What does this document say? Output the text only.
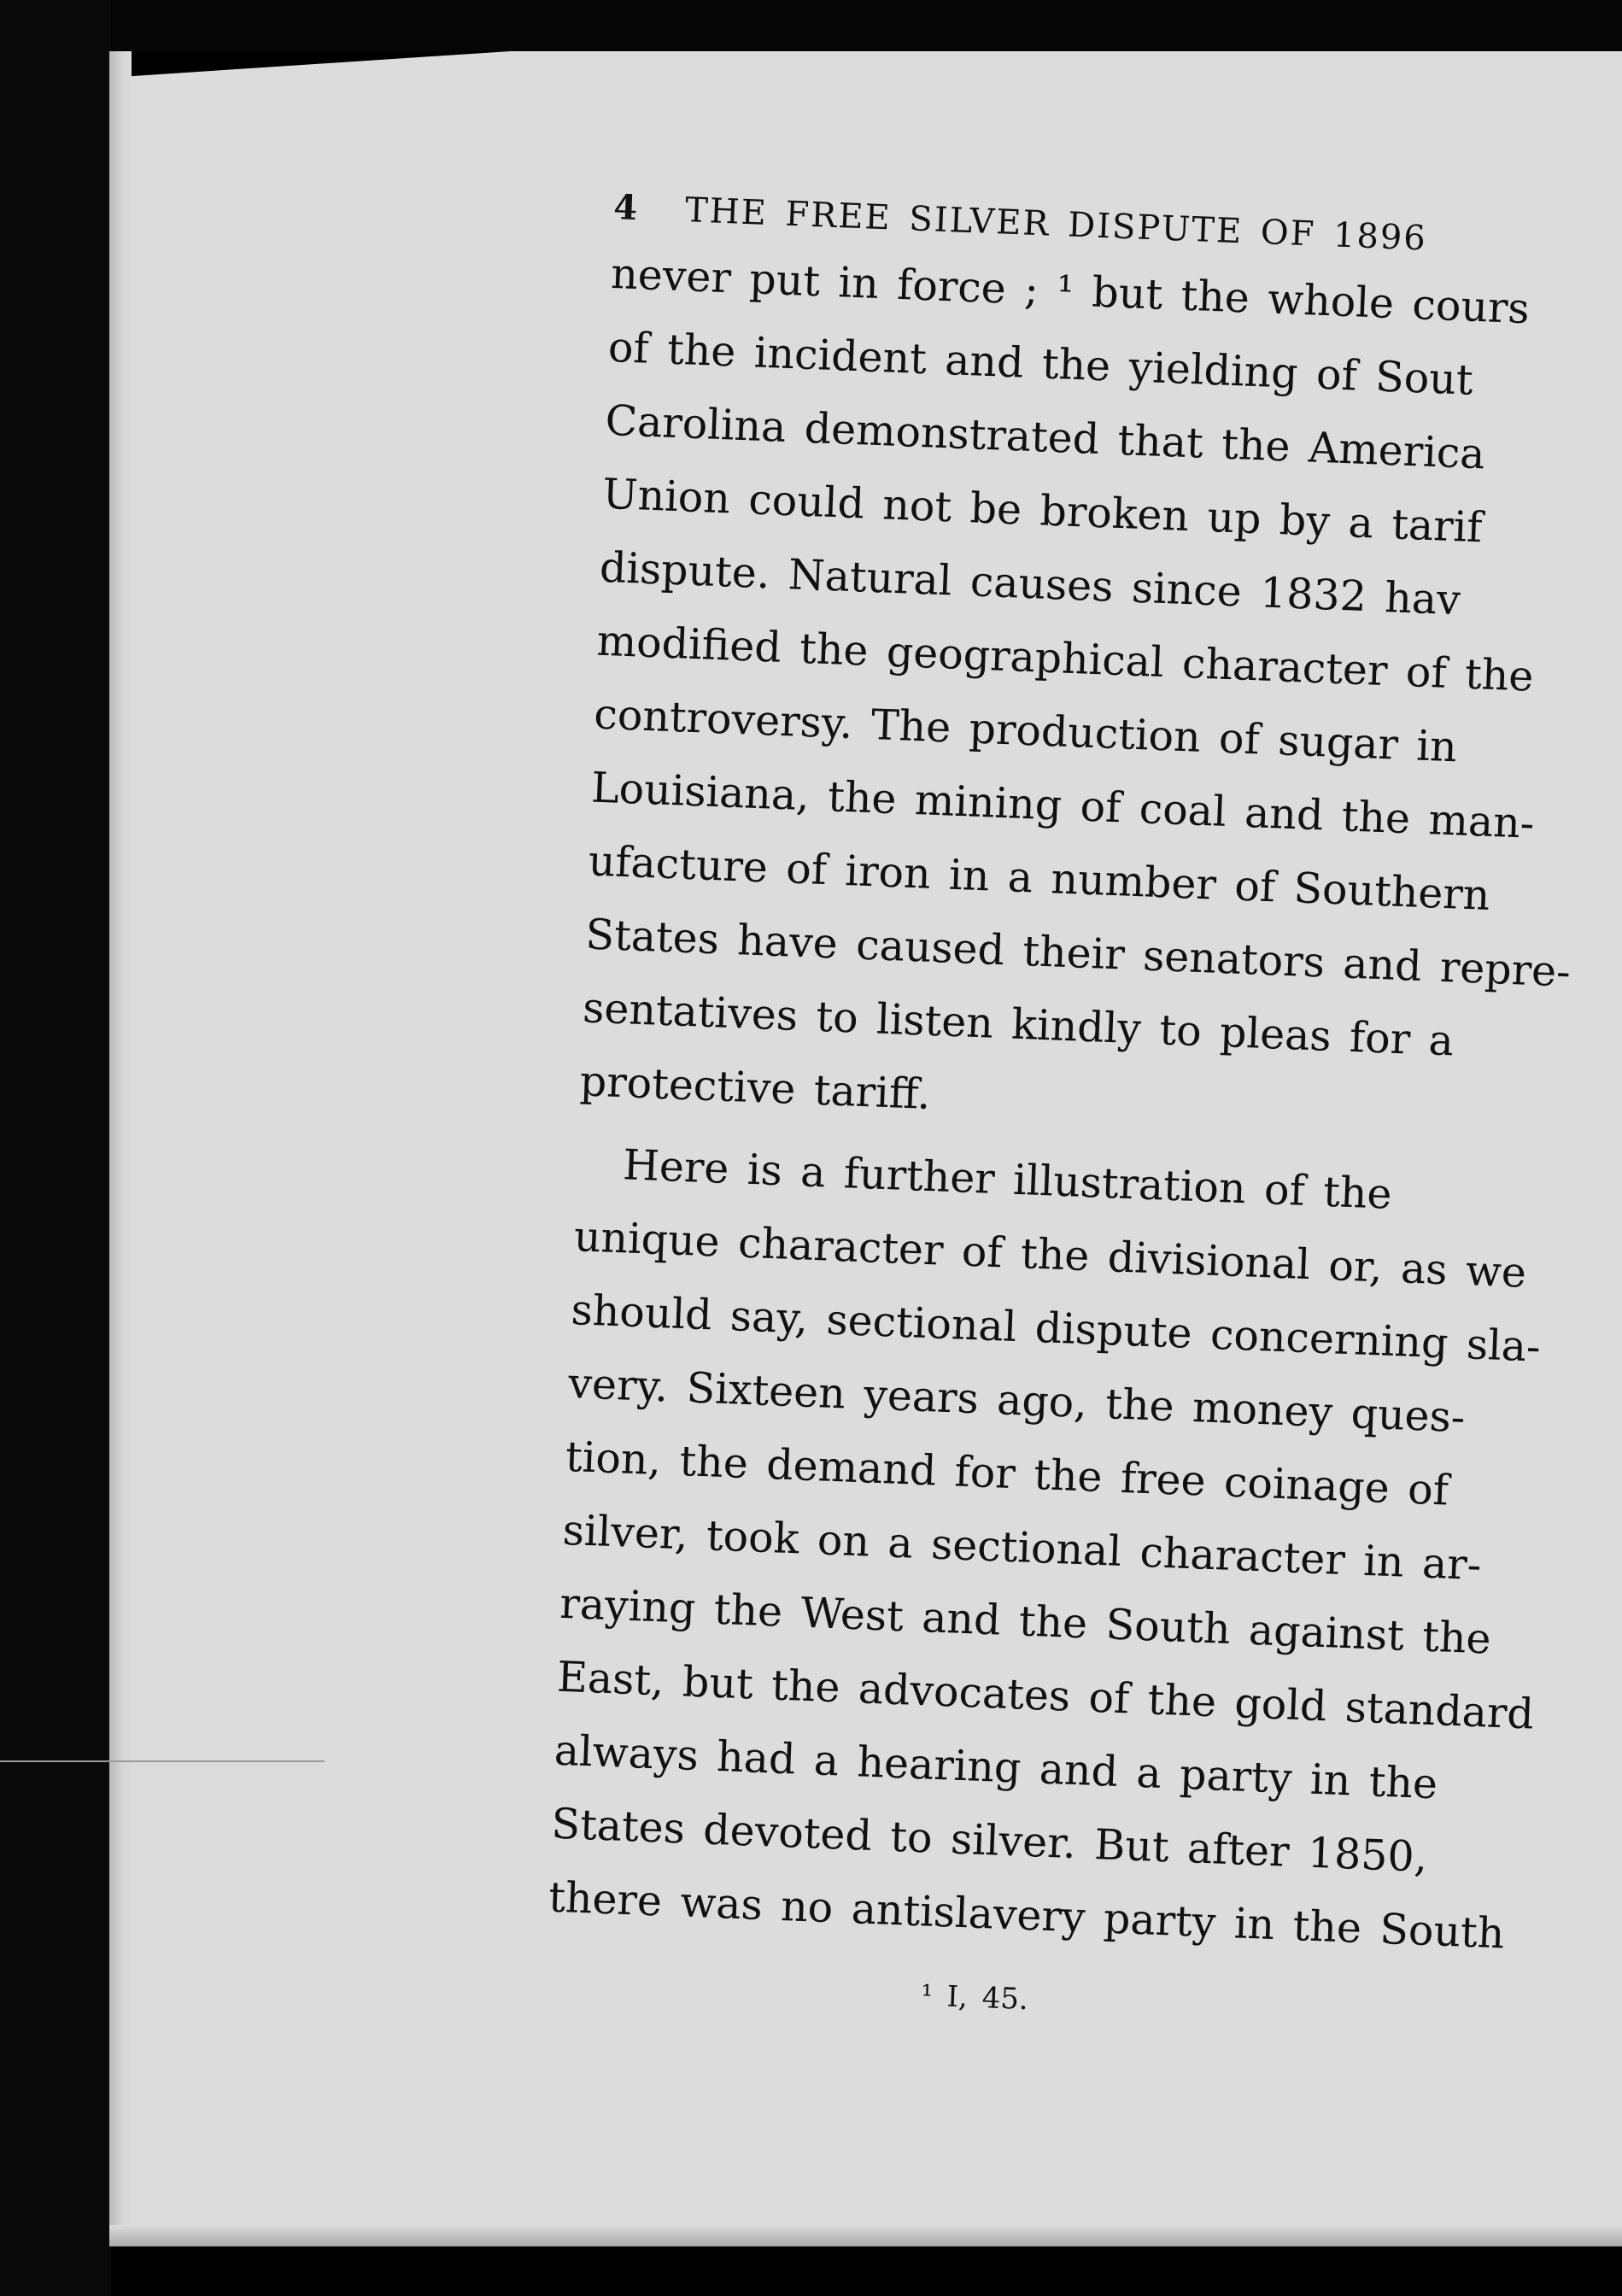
4 THE FREE SILVER DISPUTE OF 1896
never put in force ; ¹ but the whole cours
of the incident and the yielding of Sout
Carolina demonstrated that the America
Union could not be broken up by a tarif
dispute. Natural causes since 1832 hav
modified the geographical character of the
controversy. The production of sugar in
Louisiana, the mining of coal and the man-
ufacture of iron in a number of Southern
States have caused their senators and repre-
sentatives to listen kindly to pleas for a
protective tariff.
Here is a further illustration of the
unique character of the divisional or, as we
should say, sectional dispute concerning sla-
very. Sixteen years ago, the money ques-
tion, the demand for the free coinage of
silver, took on a sectional character in ar-
raying the West and the South against the
East, but the advocates of the gold standard
always had a hearing and a party in the
States devoted to silver. But after 1850,
there was no antislavery party in the South
¹ I, 45.
